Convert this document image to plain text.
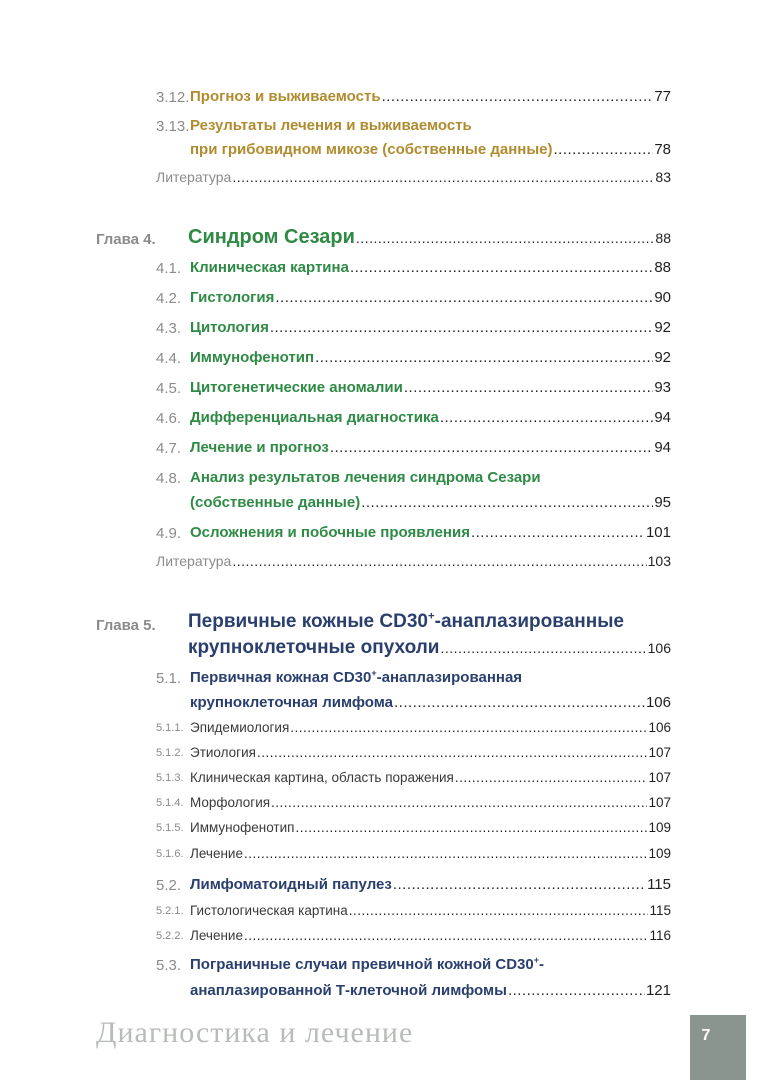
3.12. Прогноз и выживаемость .....	77
3.13. Результаты лечения и выживаемость
при грибовидном микозе (собственные данные) .....	78
Литература .....	83
Глава 4. Синдром Сезари .....	88
4.1. Клиническая картина .....	88
4.2. Гистология .....	90
4.3. Цитология .....	92
4.4. Иммунофенотип .....	92
4.5. Цитогенетические аномалии .....	93
4.6. Дифференциальная диагностика .....	94
4.7. Лечение и прогноз .....	94
4.8. Анализ результатов лечения синдрома Сезари
(собственные данные) .....	95
4.9. Осложнения и побочные проявления .....	101
Литература .....	103
Глава 5. Первичные кожные CD30+-анаплазированные
крупноклеточные опухоли .....	106
5.1. Первичная кожная CD30+-анаплазированная
крупноклеточная лимфома .....	106
5.1.1. Эпидемиология .....	106
5.1.2. Этиология .....	107
5.1.3. Клиническая картина, область поражения .....	107
5.1.4. Морфология .....	107
5.1.5. Иммунофенотип .....	109
5.1.6. Лечение .....	109
5.2. Лимфоматоидный папулез .....	115
5.2.1. Гистологическая картина .....	115
5.2.2. Лечение .....	116
5.3. Пограничные случаи превичной кожной CD30+-
анаплазированной Т-клеточной лимфомы .....	121
Диагностика и лечение	7
